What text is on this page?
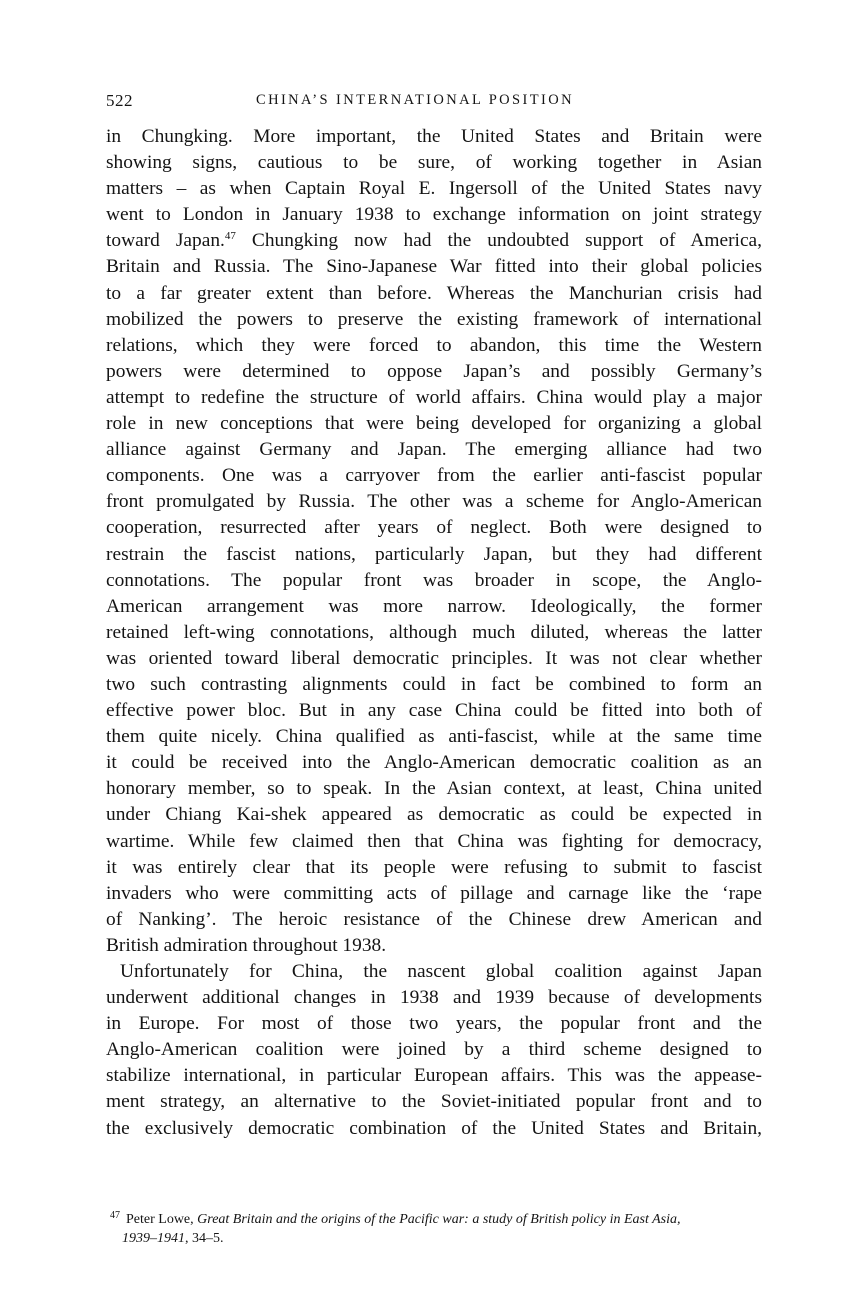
522	CHINA’S INTERNATIONAL POSITION
in Chungking. More important, the United States and Britain were
showing signs, cautious to be sure, of working together in Asian
matters – as when Captain Royal E. Ingersoll of the United States navy
went to London in January 1938 to exchange information on joint strategy
toward Japan.$^{47}$ Chungking now had the undoubted support of America,
Britain and Russia. The Sino-Japanese War fitted into their global policies
to a far greater extent than before. Whereas the Manchurian crisis had
mobilized the powers to preserve the existing framework of international
relations, which they were forced to abandon, this time the Western
powers were determined to oppose Japan’s and possibly Germany’s
attempt to redefine the structure of world affairs. China would play a major
role in new conceptions that were being developed for organizing a global
alliance against Germany and Japan. The emerging alliance had two
components. One was a carryover from the earlier anti-fascist popular
front promulgated by Russia. The other was a scheme for Anglo-American
cooperation, resurrected after years of neglect. Both were designed to
restrain the fascist nations, particularly Japan, but they had different
connotations. The popular front was broader in scope, the Anglo-
American arrangement was more narrow. Ideologically, the former
retained left-wing connotations, although much diluted, whereas the latter
was oriented toward liberal democratic principles. It was not clear whether
two such contrasting alignments could in fact be combined to form an
effective power bloc. But in any case China could be fitted into both of
them quite nicely. China qualified as anti-fascist, while at the same time
it could be received into the Anglo-American democratic coalition as an
honorary member, so to speak. In the Asian context, at least, China united
under Chiang Kai-shek appeared as democratic as could be expected in
wartime. While few claimed then that China was fighting for democracy,
it was entirely clear that its people were refusing to submit to fascist
invaders who were committing acts of pillage and carnage like the ‘rape
of Nanking’. The heroic resistance of the Chinese drew American and
British admiration throughout 1938.
Unfortunately for China, the nascent global coalition against Japan
underwent additional changes in 1938 and 1939 because of developments
in Europe. For most of those two years, the popular front and the
Anglo-American coalition were joined by a third scheme designed to
stabilize international, in particular European affairs. This was the appease-
ment strategy, an alternative to the Soviet-initiated popular front and to
the exclusively democratic combination of the United States and Britain,
$^{47}$ Peter Lowe, Great Britain and the origins of the Pacific war: a study of British policy in East Asia,
1939–1941, 34–5.
